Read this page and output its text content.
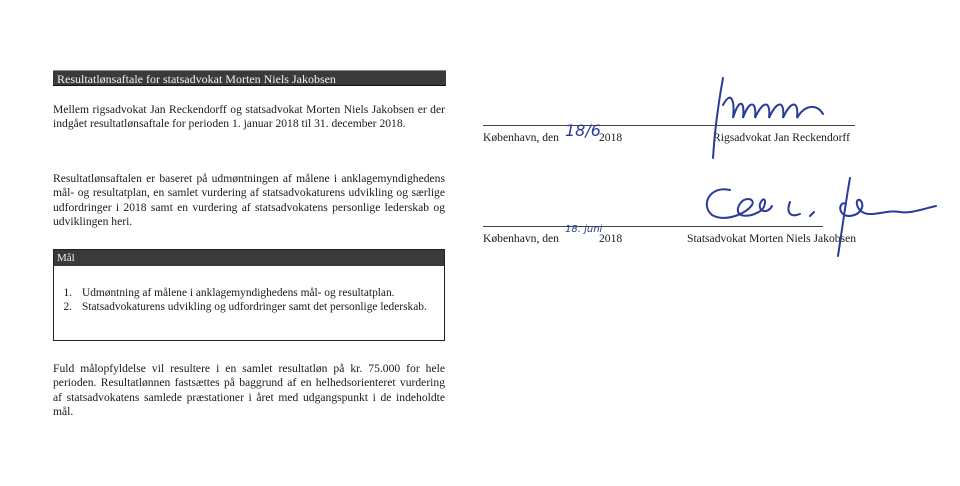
Resultatlønsaftale for statsadvokat Morten Niels Jakobsen

Mellem rigsadvokat Jan Reckendorff og statsadvokat Morten Niels Jakobsen er der indgået resultatlønsaftale for perioden 1. januar 2018 til 31. december 2018.

Resultatlønsaftalen er baseret på udmøntningen af målene i anklagemyndighedens mål- og resultatplan, en samlet vurdering af statsadvokaturens udvikling og særlige udfordringer i 2018 samt en vurdering af statsadvokatens personlige lederskab og udviklingen heri.

Mål
1. Udmøntning af målene i anklagemyndighedens mål- og resultatplan.
2. Statsadvokaturens udvikling og udfordringer samt det personlige lederskab.

Fuld målopfyldelse vil resultere i en samlet resultatløn på kr. 75.000 for hele perioden. Resultatlønnen fastsættes på baggrund af en helhedsorienteret vurdering af statsadvokatens samlede præstationer i året med udgangspunkt i de indeholdte mål.

København, den 18/6
2018	Rigsadvokat Jan Reckendorff
København, den
18. juni
2018	Statsadvokat Morten Niels Jakobsen
